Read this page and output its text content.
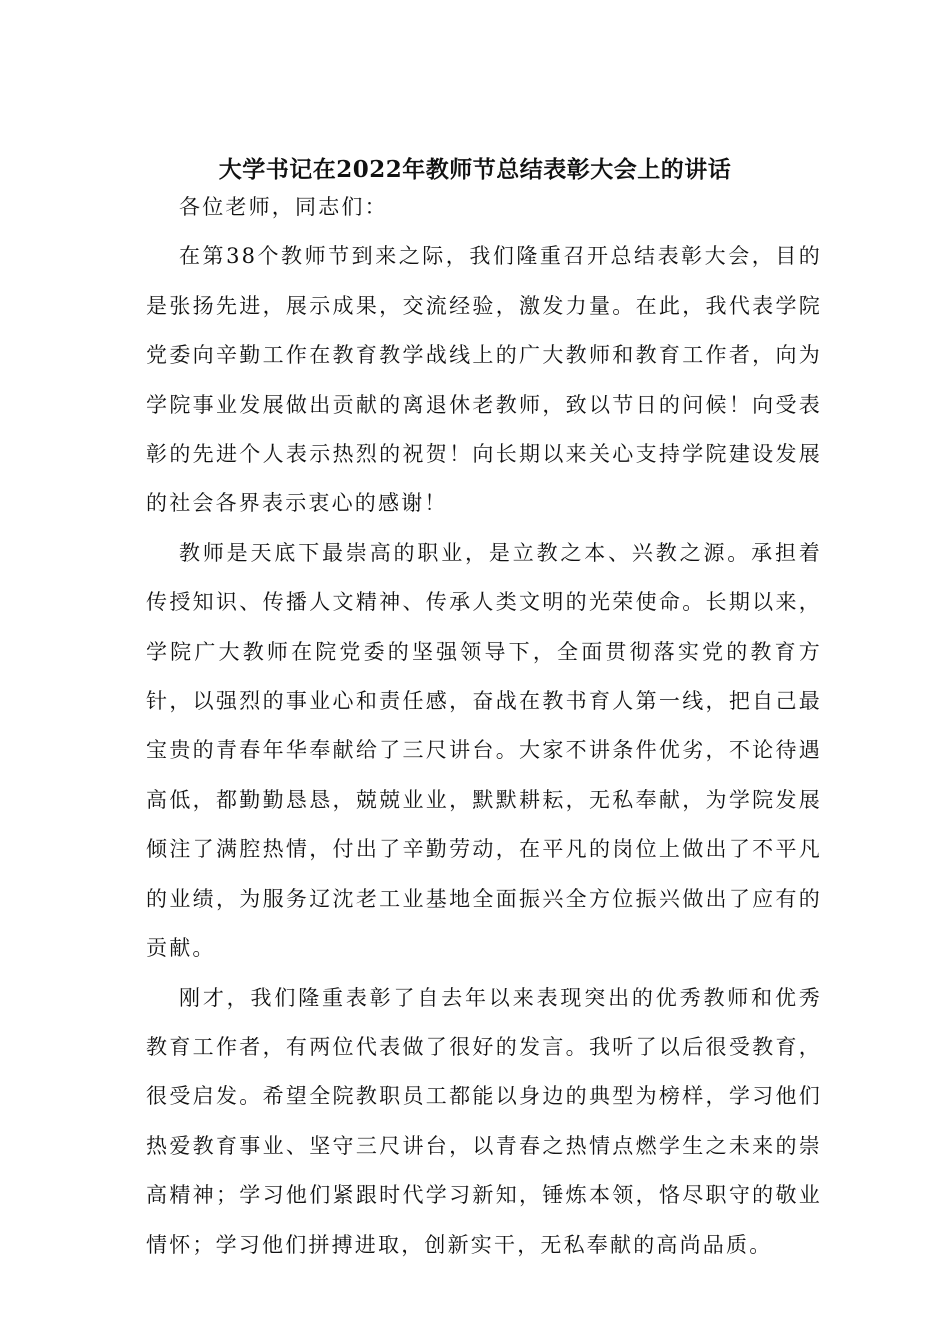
大学书记在2022年教师节总结表彰大会上的讲话

各位老师，同志们：

在第38个教师节到来之际，我们隆重召开总结表彰大会，目的是张扬先进，展示成果，交流经验，激发力量。在此，我代表学院党委向辛勤工作在教育教学战线上的广大教师和教育工作者，向为学院事业发展做出贡献的离退休老教师，致以节日的问候！向受表彰的先进个人表示热烈的祝贺！向长期以来关心支持学院建设发展的社会各界表示衷心的感谢！

教师是天底下最崇高的职业，是立教之本、兴教之源。承担着传授知识、传播人文精神、传承人类文明的光荣使命。长期以来，学院广大教师在院党委的坚强领导下，全面贯彻落实党的教育方针，以强烈的事业心和责任感，奋战在教书育人第一线，把自己最宝贵的青春年华奉献给了三尺讲台。大家不讲条件优劣，不论待遇高低，都勤勤恳恳，兢兢业业，默默耕耘，无私奉献，为学院发展倾注了满腔热情，付出了辛勤劳动，在平凡的岗位上做出了不平凡的业绩，为服务辽沈老工业基地全面振兴全方位振兴做出了应有的贡献。

刚才，我们隆重表彰了自去年以来表现突出的优秀教师和优秀教育工作者，有两位代表做了很好的发言。我听了以后很受教育，很受启发。希望全院教职员工都能以身边的典型为榜样，学习他们热爱教育事业、坚守三尺讲台，以青春之热情点燃学生之未来的崇高精神；学习他们紧跟时代学习新知，锤炼本领，恪尽职守的敬业情怀；学习他们拼搏进取，创新实干，无私奉献的高尚品质。
